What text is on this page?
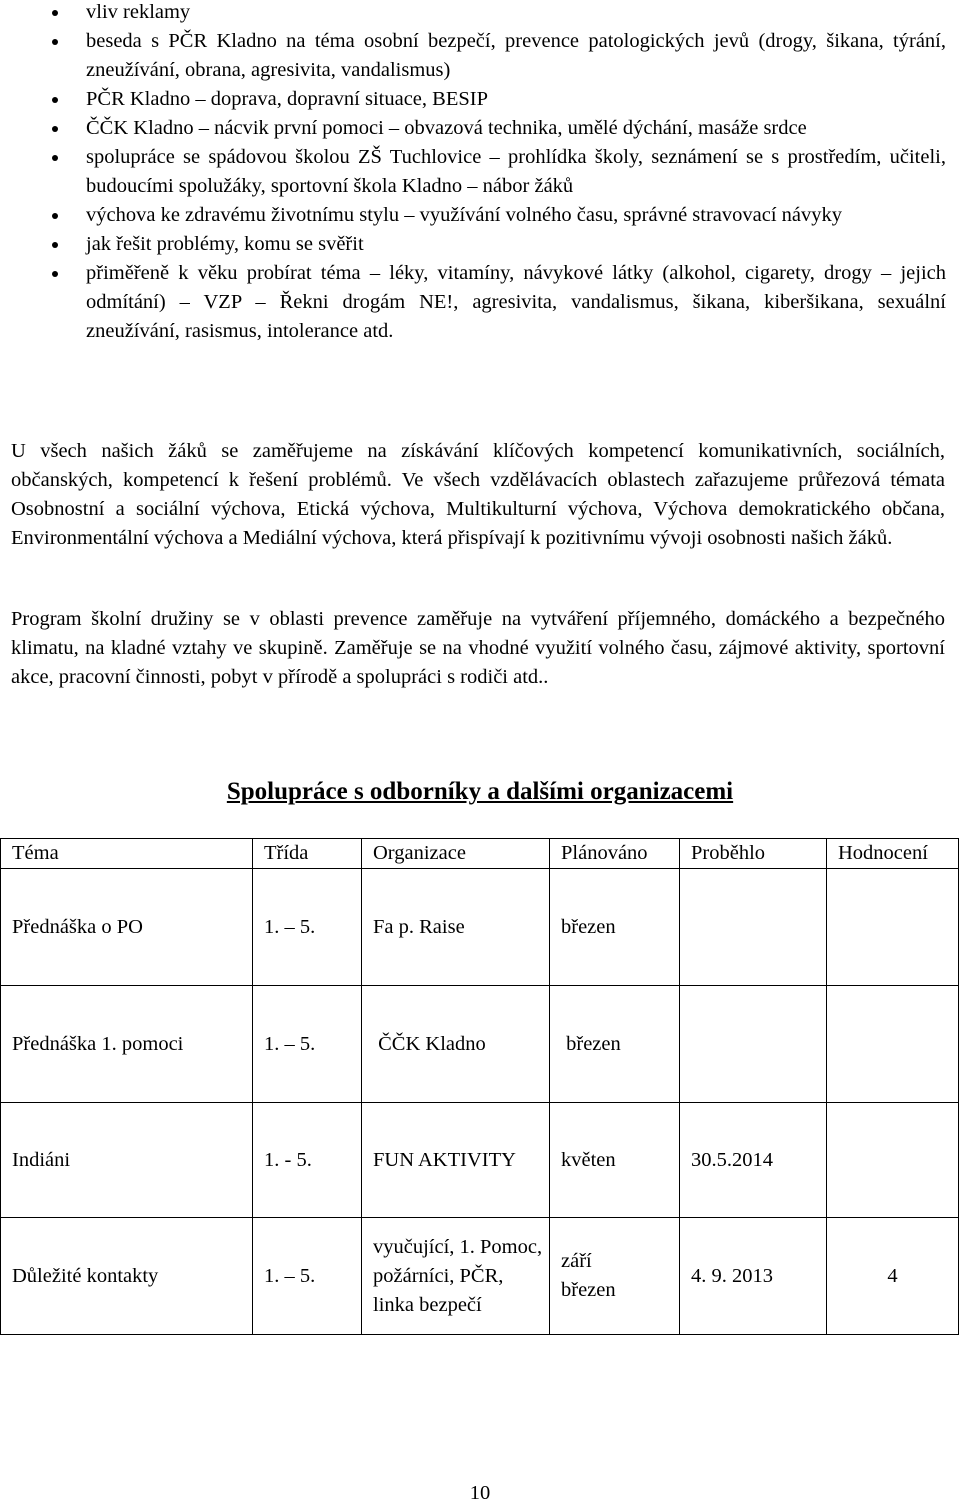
vliv reklamy
beseda s PČR Kladno na téma osobní bezpečí, prevence patologických jevů (drogy, šikana, týrání, zneužívání, obrana, agresivita, vandalismus)
PČR Kladno – doprava, dopravní situace, BESIP
ČČK Kladno – nácvik první pomoci – obvazová technika, umělé dýchání, masáže srdce
spolupráce se spádovou školou ZŠ Tuchlovice – prohlídka školy, seznámení se s prostředím, učiteli, budoucími spolužáky, sportovní škola Kladno – nábor žáků
výchova ke zdravému životnímu stylu – využívání volného času, správné stravovací návyky
jak řešit problémy, komu se svěřit
přiměřeně k věku probírat téma – léky, vitamíny, návykové látky (alkohol, cigarety, drogy – jejich odmítání) – VZP – Řekni drogám NE!, agresivita, vandalismus, šikana, kiberšikana, sexuální zneužívání, rasismus, intolerance atd.

U všech našich žáků se zaměřujeme na získávání klíčových kompetencí komunikativních, sociálních, občanských, kompetencí k řešení problémů. Ve všech vzdělávacích oblastech zařazujeme průřezová témata Osobnostní a sociální výchova, Etická výchova, Multikulturní výchova, Výchova demokratického občana, Environmentální výchova a Mediální výchova, která přispívají k pozitivnímu vývoji osobnosti našich žáků.

Program školní družiny se v oblasti prevence zaměřuje na vytváření příjemného, domáckého a bezpečného klimatu, na kladné vztahy ve skupině. Zaměřuje se na vhodné využití volného času, zájmové aktivity, sportovní akce, pracovní činnosti, pobyt v přírodě a spolupráci s rodiči atd..

Spolupráce s odborníky a dalšími organizacemi
Téma	Třída	Organizace	Plánováno	Proběhlo	Hodnocení
Přednáška o PO	1. – 5.	Fa p. Raise	březen		
Přednáška 1. pomoci	1. – 5.	ČČK Kladno	březen		
Indiáni	1. - 5.	FUN AKTIVITY	květen	30.5.2014	
Důležité kontakty	1. – 5.	vyučující, 1. Pomoc, požárníci, PČR, linka bezpečí	září březen	4. 9. 2013	4
10
